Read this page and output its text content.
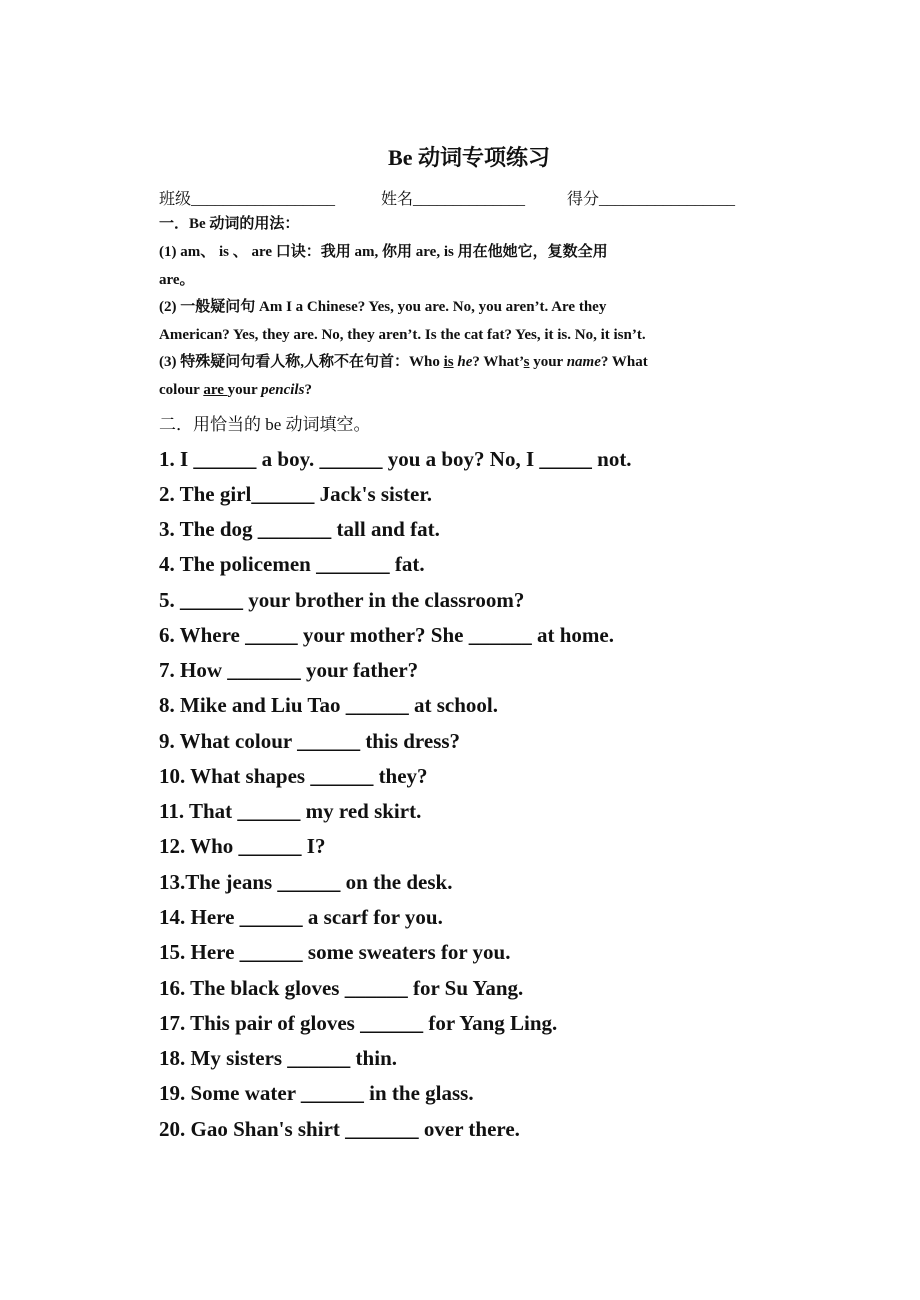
Be 动词专项练习
班级__________________	姓名______________	得分_________________
一．Be 动词的用法：
(1) am、 is 、 are 口诀：我用 am, 你用 are, is 用在他她它，复数全用
are。
(2) 一般疑问句 Am I a Chinese? Yes, you are. No, you aren’t. Are they
American? Yes, they are. No, they aren’t. Is the cat fat? Yes, it is. No, it isn’t.
(3) 特殊疑问句看人称,人称不在句首：Who is he? What’s your name? What
colour are your pencils?
二．用恰当的 be 动词填空。
1. I ______ a boy. ______ you a boy? No, I _____ not.
2. The girl______ Jack's sister.
3. The dog _______ tall and fat.
4. The policemen _______ fat.
5. ______ your brother in the classroom?
6. Where _____ your mother? She ______ at home.
7. How _______ your father?
8. Mike and Liu Tao ______ at school.
9. What colour ______ this dress?
10. What shapes ______ they?
11. That ______ my red skirt.
12. Who ______ I?
13.The jeans ______ on the desk.
14. Here ______ a scarf for you.
15. Here ______ some sweaters for you.
16. The black gloves ______ for Su Yang.
17. This pair of gloves ______ for Yang Ling.
18. My sisters ______ thin.
19. Some water ______ in the glass.
20. Gao Shan's shirt _______ over there.
